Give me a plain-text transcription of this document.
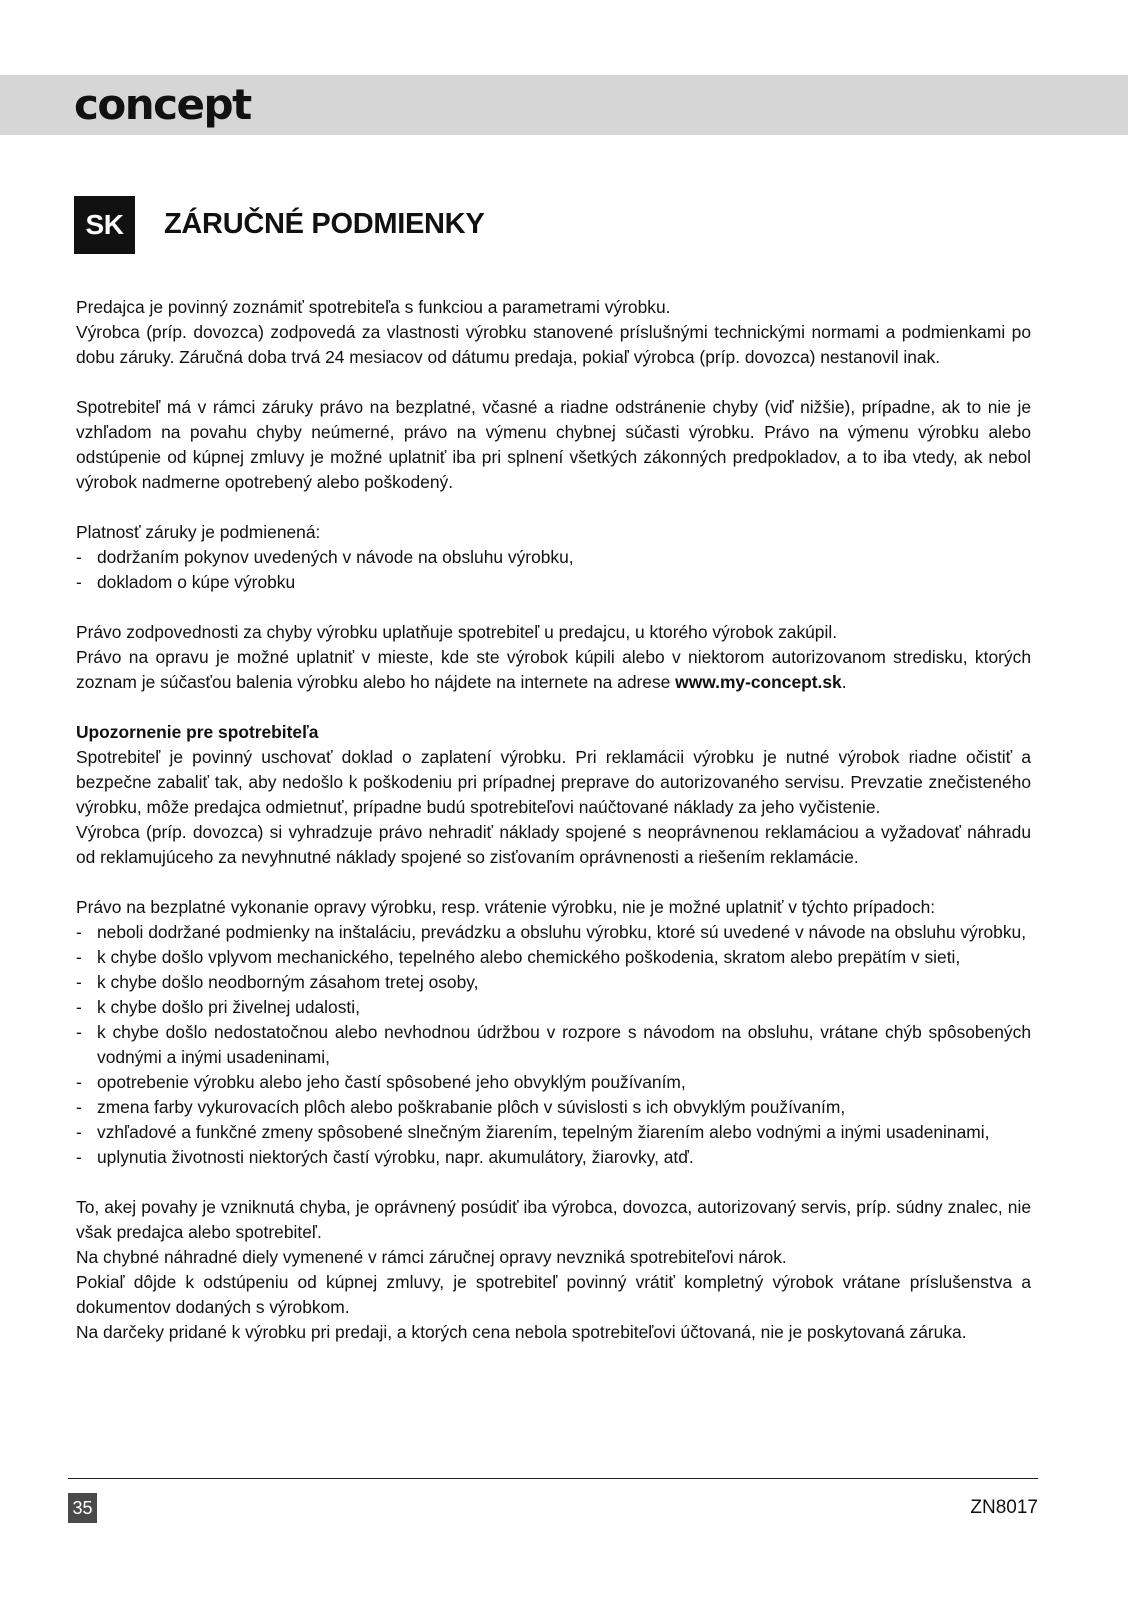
concept
SK	ZÁRUČNÉ PODMIENKY

Predajca je povinný zoznámiť spotrebiteľa s funkciou a parametrami výrobku.

Výrobca (príp. dovozca) zodpovedá za vlastnosti výrobku stanovené príslušnými technickými normami a podmienkami po dobu záruky. Záručná doba trvá 24 mesiacov od dátumu predaja, pokiaľ výrobca (príp. dovozca) nestanovil inak.

Spotrebiteľ má v rámci záruky právo na bezplatné, včasné a riadne odstránenie chyby (viď nižšie), prípadne, ak to nie je vzhľadom na povahu chyby neúmerné, právo na výmenu chybnej súčasti výrobku. Právo na výmenu výrobku alebo odstúpenie od kúpnej zmluvy je možné uplatniť iba pri splnení všetkých zákonných predpokladov, a to iba vtedy, ak nebol výrobok nadmerne opotrebený alebo poškodený.

Platnosť záruky je podmienená:

- dodržaním pokynov uvedených v návode na obsluhu výrobku,
- dokladom o kúpe výrobku

Právo zodpovednosti za chyby výrobku uplatňuje spotrebiteľ u predajcu, u ktorého výrobok zakúpil.

Právo na opravu je možné uplatniť v mieste, kde ste výrobok kúpili alebo v niektorom autorizovanom stredisku, ktorých zoznam je súčasťou balenia výrobku alebo ho nájdete na internete na adrese www.my-concept.sk.

Upozornenie pre spotrebiteľa

Spotrebiteľ je povinný uschovať doklad o zaplatení výrobku. Pri reklamácii výrobku je nutné výrobok riadne očistiť a bezpečne zabaliť tak, aby nedošlo k poškodeniu pri prípadnej preprave do autorizovaného servisu. Prevzatie znečisteného výrobku, môže predajca odmietnuť, prípadne budú spotrebiteľovi naúčtované náklady za jeho vyčistenie.

Výrobca (príp. dovozca) si vyhradzuje právo nehradiť náklady spojené s neoprávnenou reklamáciou a vyžadovať náhradu od reklamujúceho za nevyhnutné náklady spojené so zisťovaním oprávnenosti a riešením reklamácie.

Právo na bezplatné vykonanie opravy výrobku, resp. vrátenie výrobku, nie je možné uplatniť v týchto prípadoch:

- neboli dodržané podmienky na inštaláciu, prevádzku a obsluhu výrobku, ktoré sú uvedené v návode na obsluhu výrobku,
- k chybe došlo vplyvom mechanického, tepelného alebo chemického poškodenia, skratom alebo prepätím v sieti,
- k chybe došlo neodborným zásahom tretej osoby,
- k chybe došlo pri živelnej udalosti,
- k chybe došlo nedostatočnou alebo nevhodnou údržbou v rozpore s návodom na obsluhu, vrátane chýb spôsobených vodnými a inými usadeninami,
- opotrebenie výrobku alebo jeho častí spôsobené jeho obvyklým používaním,
- zmena farby vykurovacích plôch alebo poškrabanie plôch v súvislosti s ich obvyklým používaním,
- vzhľadové a funkčné zmeny spôsobené slnečným žiarením, tepelným žiarením alebo vodnými a inými usadeninami,
- uplynutia životnosti niektorých častí výrobku, napr. akumulátory, žiarovky, atď.

To, akej povahy je vzniknutá chyba, je oprávnený posúdiť iba výrobca, dovozca, autorizovaný servis, príp. súdny znalec, nie však predajca alebo spotrebiteľ.

Na chybné náhradné diely vymenené v rámci záručnej opravy nevzniká spotrebiteľovi nárok.

Pokiaľ dôjde k odstúpeniu od kúpnej zmluvy, je spotrebiteľ povinný vrátiť kompletný výrobok vrátane príslušenstva a dokumentov dodaných s výrobkom.

Na darčeky pridané k výrobku pri predaji, a ktorých cena nebola spotrebiteľovi účtovaná, nie je poskytovaná záruka.

35	ZN8017
